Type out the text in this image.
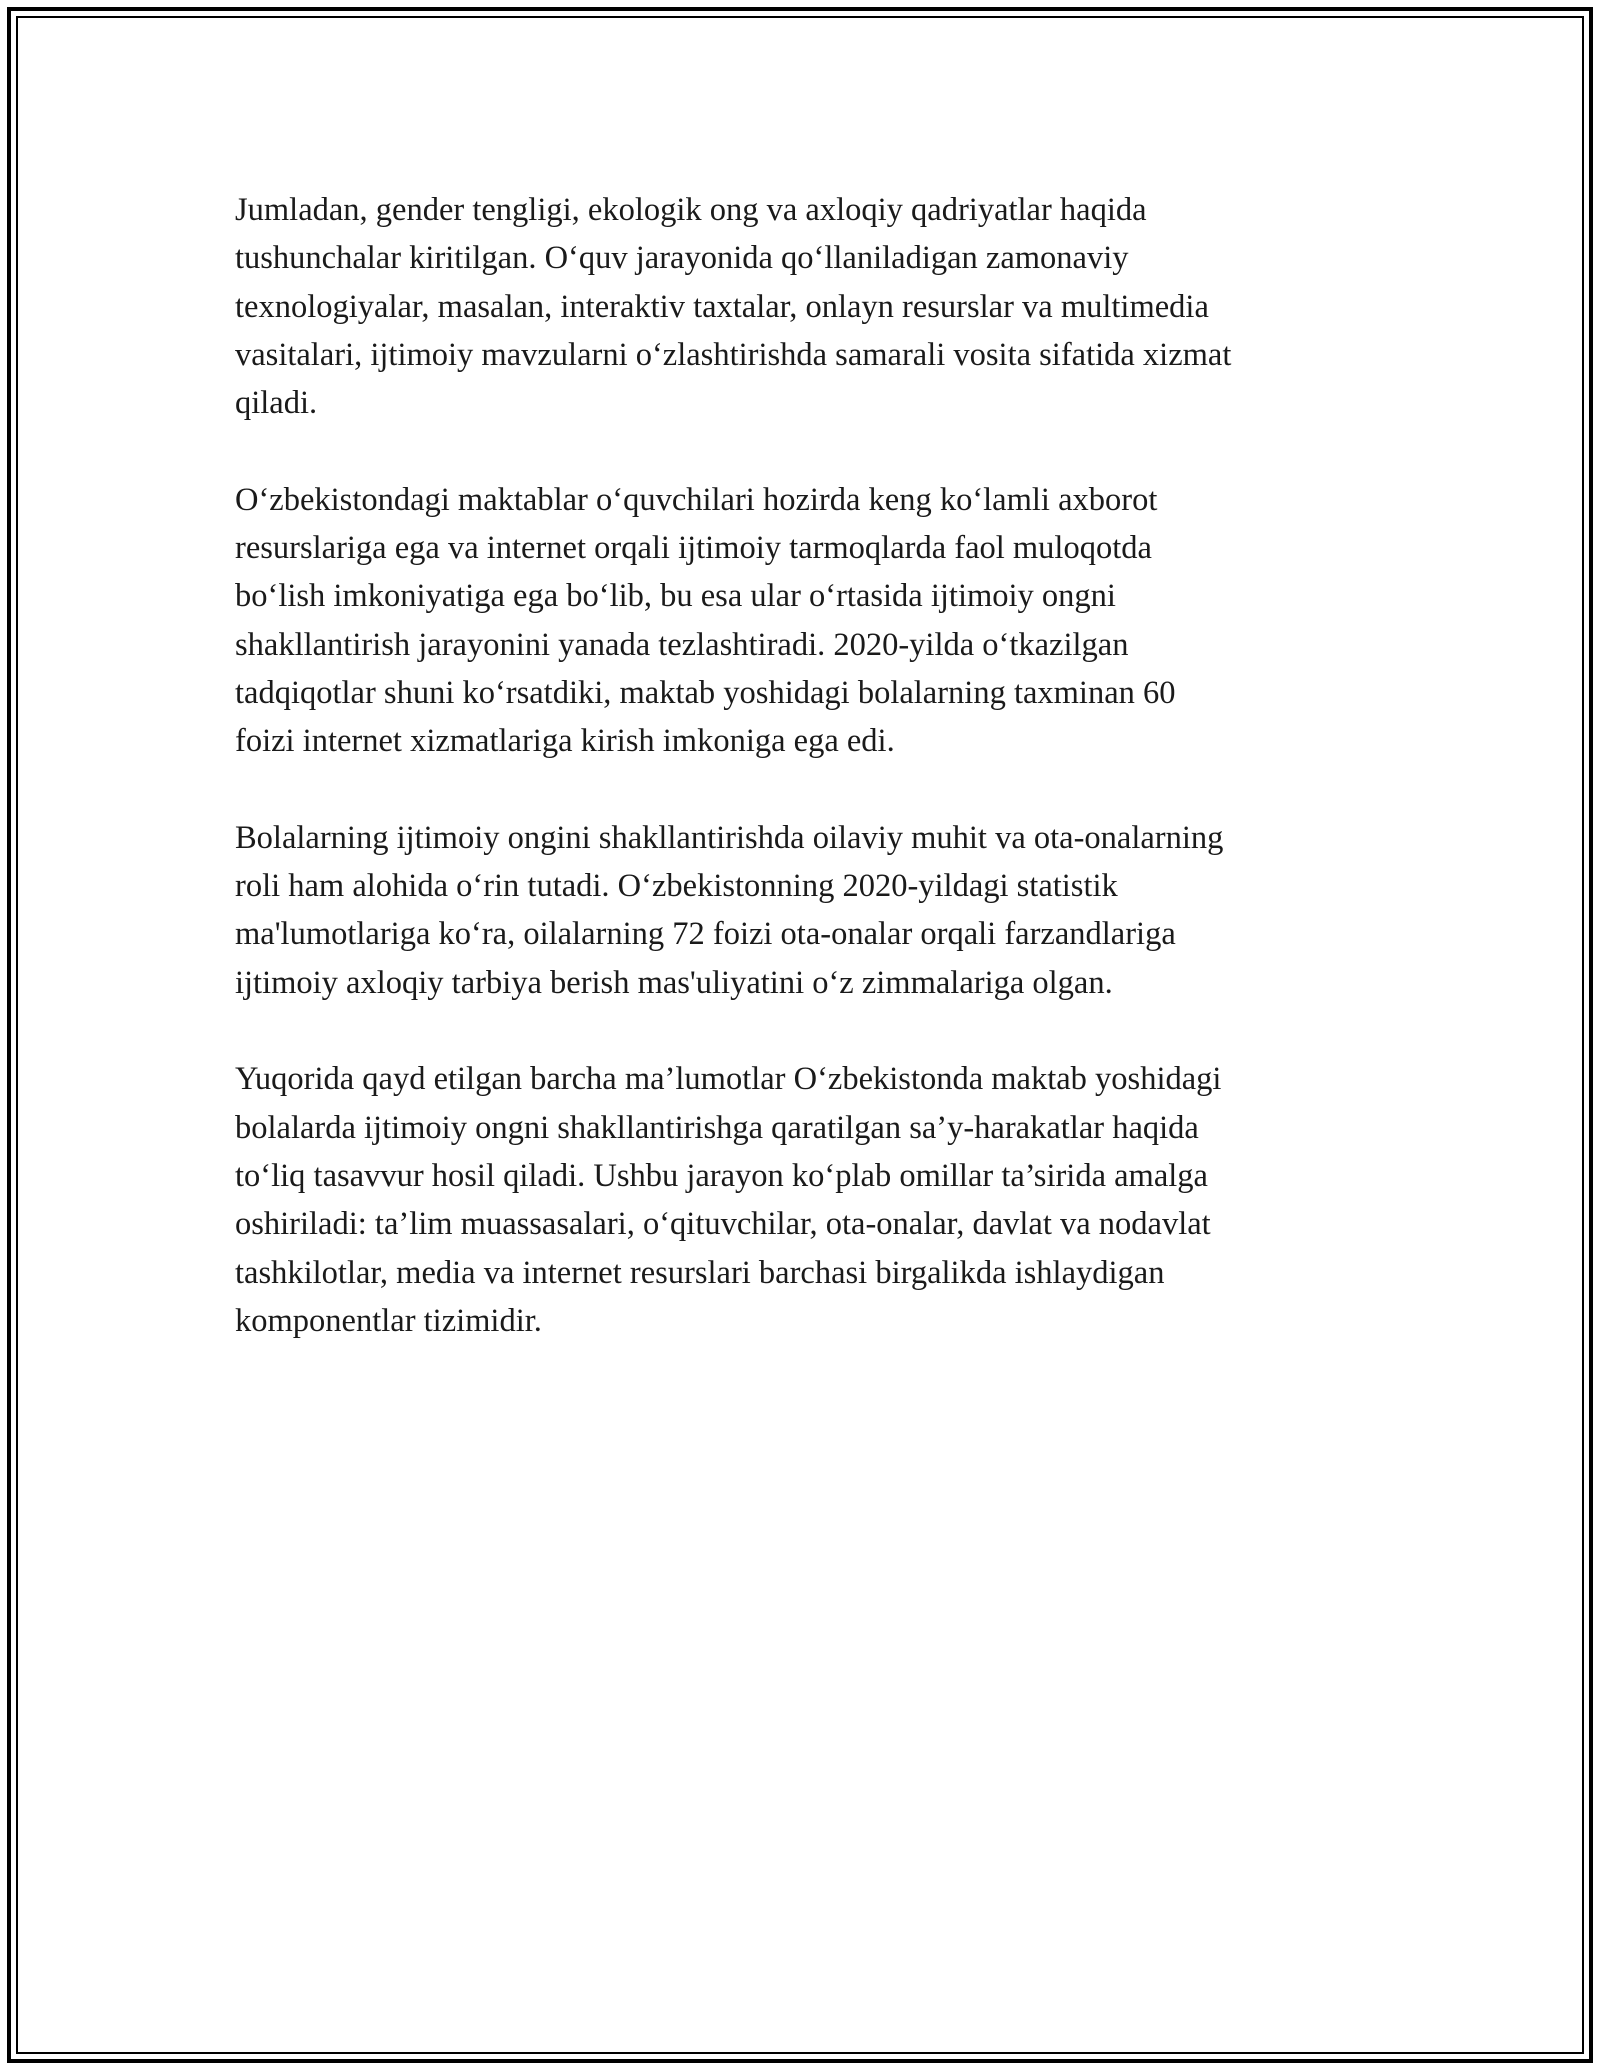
Jumladan, gender tengligi, ekologik ong va axloqiy qadriyatlar haqida
tushunchalar kiritilgan. O‘quv jarayonida qo‘llaniladigan zamonaviy
texnologiyalar, masalan, interaktiv taxtalar, onlayn resurslar va multimedia
vasitalari, ijtimoiy mavzularni o‘zlashtirishda samarali vosita sifatida xizmat
qiladi.

O‘zbekistondagi maktablar o‘quvchilari hozirda keng ko‘lamli axborot
resurslariga ega va internet orqali ijtimoiy tarmoqlarda faol muloqotda
bo‘lish imkoniyatiga ega bo‘lib, bu esa ular o‘rtasida ijtimoiy ongni
shakllantirish jarayonini yanada tezlashtiradi. 2020-yilda o‘tkazilgan
tadqiqotlar shuni ko‘rsatdiki, maktab yoshidagi bolalarning taxminan 60
foizi internet xizmatlariga kirish imkoniga ega edi.

Bolalarning ijtimoiy ongini shakllantirishda oilaviy muhit va ota-onalarning
roli ham alohida o‘rin tutadi. O‘zbekistonning 2020-yildagi statistik
ma'lumotlariga ko‘ra, oilalarning 72 foizi ota-onalar orqali farzandlariga
ijtimoiy axloqiy tarbiya berish mas'uliyatini o‘z zimmalariga olgan.

Yuqorida qayd etilgan barcha ma’lumotlar O‘zbekistonda maktab yoshidagi
bolalarda ijtimoiy ongni shakllantirishga qaratilgan sa’y-harakatlar haqida
to‘liq tasavvur hosil qiladi. Ushbu jarayon ko‘plab omillar ta’sirida amalga
oshiriladi: ta’lim muassasalari, o‘qituvchilar, ota-onalar, davlat va nodavlat
tashkilotlar, media va internet resurslari barchasi birgalikda ishlaydigan
komponentlar tizimidir.
